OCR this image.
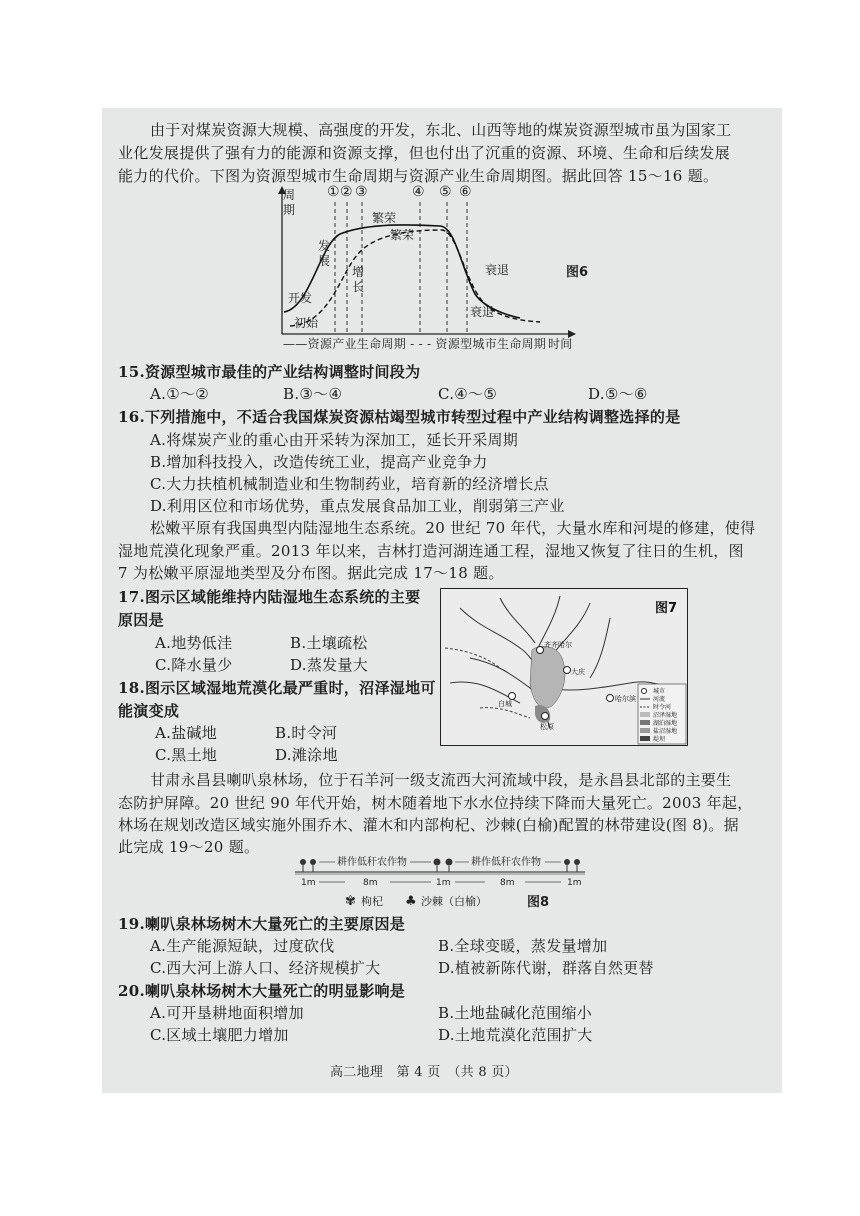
由于对煤炭资源大规模、高强度的开发，东北、山西等地的煤炭资源型城市虽为国家工
业化发展提供了强有力的能源和资源支撑，但也付出了沉重的资源、环境、生命和后续发展
能力的代价。下图为资源型城市生命周期与资源产业生命周期图。据此回答 15～16 题。
开发
初始
发
展
增
长
繁荣
繁荣
衰退
衰退
图6
周
期
① ② ③	④ ⑤ ⑥
——资源产业生命周期 - - - 资源型城市生命周期 时间
15.资源型城市最佳的产业结构调整时间段为
A.①～②	B.③～④	C.④～⑤	D.⑤～⑥
16.下列措施中，不适合我国煤炭资源枯竭型城市转型过程中产业结构调整选择的是
A.将煤炭产业的重心由开采转为深加工，延长开采周期
B.增加科技投入，改造传统工业，提高产业竞争力
C.大力扶植机械制造业和生物制药业，培育新的经济增长点
D.利用区位和市场优势，重点发展食品加工业，削弱第三产业
松嫩平原有我国典型内陆湿地生态系统。20 世纪 70 年代，大量水库和河堤的修建，使得
湿地荒漠化现象严重。2013 年以来，吉林打造河湖连通工程，湿地又恢复了往日的生机，图
7 为松嫩平原湿地类型及分布图。据此完成 17～18 题。
17.图示区域能维持内陆湿地生态系统的主要
原因是
A.地势低洼	B.土壤疏松
C.降水量少	D.蒸发量大
18.图示区域湿地荒漠化最严重时，沼泽湿地可
能演变成
A.盐碱地	B.时令河
C.黑土地	D.滩涂地
齐齐哈尔
大庆
哈尔滨
白城
松原
图7
城市
河流
时令河
沼泽湿地
湖泊湿地
盐沼湿地
堤坝
甘肃永昌县喇叭泉林场，位于石羊河一级支流西大河流域中段，是永昌县北部的主要生
态防护屏障。20 世纪 90 年代开始，树木随着地下水水位持续下降而大量死亡。2003 年起，
林场在规划改造区域实施外围乔木、灌木和内部枸杞、沙棘(白榆)配置的林带建设(图 8)。据
此完成 19～20 题。
耕作低秆农作物	耕作低秆农作物
1m	8m	1m	8m	1m
✾ 枸杞 ♣ 沙棘（白榆）	图8
19.喇叭泉林场树木大量死亡的主要原因是
A.生产能源短缺，过度砍伐	B.全球变暖，蒸发量增加
C.西大河上游人口、经济规模扩大	D.植被新陈代谢，群落自然更替
20.喇叭泉林场树木大量死亡的明显影响是
A.可开垦耕地面积增加	B.土地盐碱化范围缩小
C.区域土壤肥力增加	D.土地荒漠化范围扩大
高二地理　第 4 页　（共 8 页）
